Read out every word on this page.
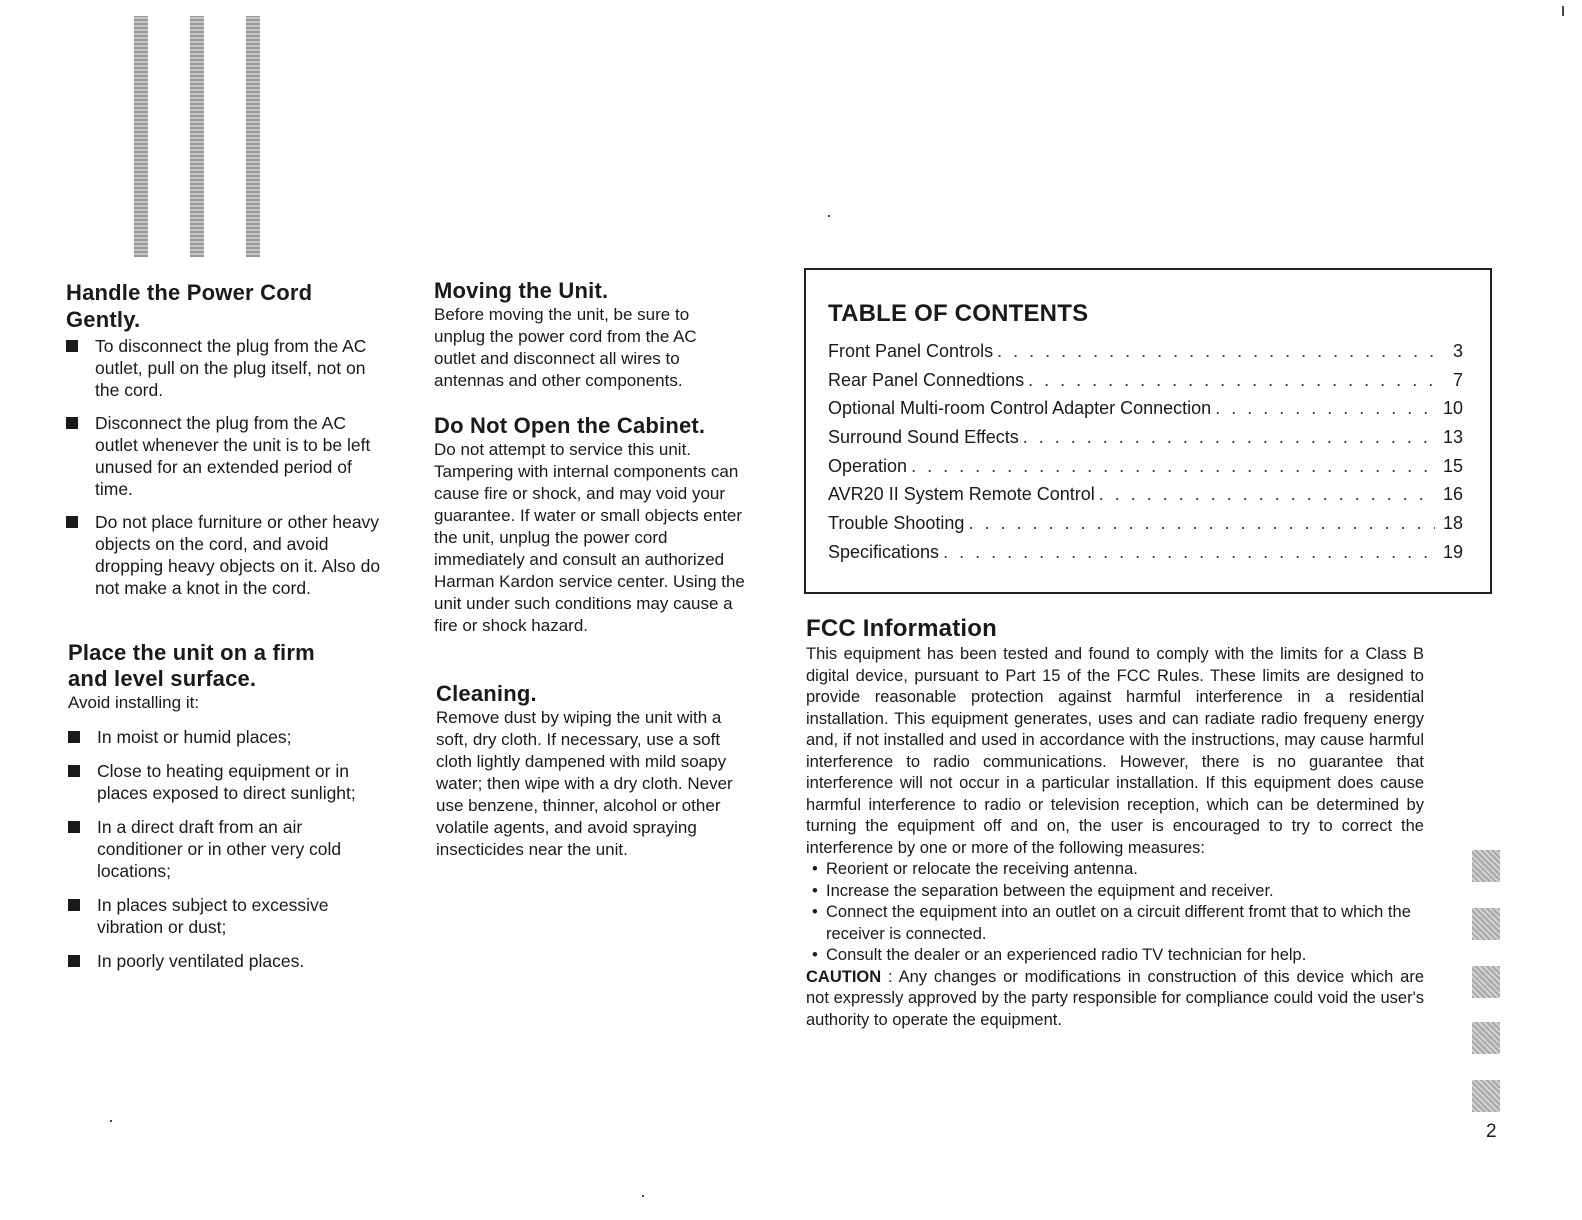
Handle the Power Cord Gently.
To disconnect the plug from the AC outlet, pull on the plug itself, not on the cord.
Disconnect the plug from the AC outlet whenever the unit is to be left unused for an extended period of time.
Do not place furniture or other heavy objects on the cord, and avoid dropping heavy objects on it. Also do not make a knot in the cord.
Place the unit on a firm and level surface.

Avoid installing it:

In moist or humid places;
Close to heating equipment or in places exposed to direct sunlight;
In a direct draft from an air conditioner or in other very cold locations;
In places subject to excessive vibration or dust;
In poorly ventilated places.
Moving the Unit.

Before moving the unit, be sure to unplug the power cord from the AC outlet and disconnect all wires to antennas and other components.

Do Not Open the Cabinet.

Do not attempt to service this unit. Tampering with internal components can cause fire or shock, and may void your guarantee. If water or small objects enter the unit, unplug the power cord immediately and consult an authorized Harman Kardon service center. Using the unit under such conditions may cause a fire or shock hazard.

Cleaning.

Remove dust by wiping the unit with a soft, dry cloth. If necessary, use a soft cloth lightly dampened with mild soapy water; then wipe with a dry cloth. Never use benzene, thinner, alcohol or other volatile agents, and avoid spraying insecticides near the unit.

TABLE OF CONTENTS
Front Panel Controls . . .	3
Rear Panel Connedtions . . .	7
Optional Multi-room Control Adapter Connection . . .	10
Surround Sound Effects . . .	13
Operation . . .	15
AVR20 II System Remote Control . . .	16
Trouble Shooting . . .	18
Specifications . . .	19
FCC Information

This equipment has been tested and found to comply with the limits for a Class B digital device, pursuant to Part 15 of the FCC Rules. These limits are designed to provide reasonable protection against harmful interference in a residential installation. This equipment generates, uses and can radiate radio frequeny energy and, if not installed and used in accordance with the instructions, may cause harmful interference to radio communications. However, there is no guarantee that interference will not occur in a particular installation. If this equipment does cause harmful interference to radio or television reception, which can be determined by turning the equipment off and on, the user is encouraged to try to correct the interference by one or more of the following measures:

• Reorient or relocate the receiving antenna.
• Increase the separation between the equipment and receiver.
• Connect the equipment into an outlet on a circuit different fromt that to which the receiver is connected.
• Consult the dealer or an experienced radio TV technician for help.

CAUTION : Any changes or modifications in construction of this device which are not expressly approved by the party responsible for compliance could void the user's authority to operate the equipment.

2
